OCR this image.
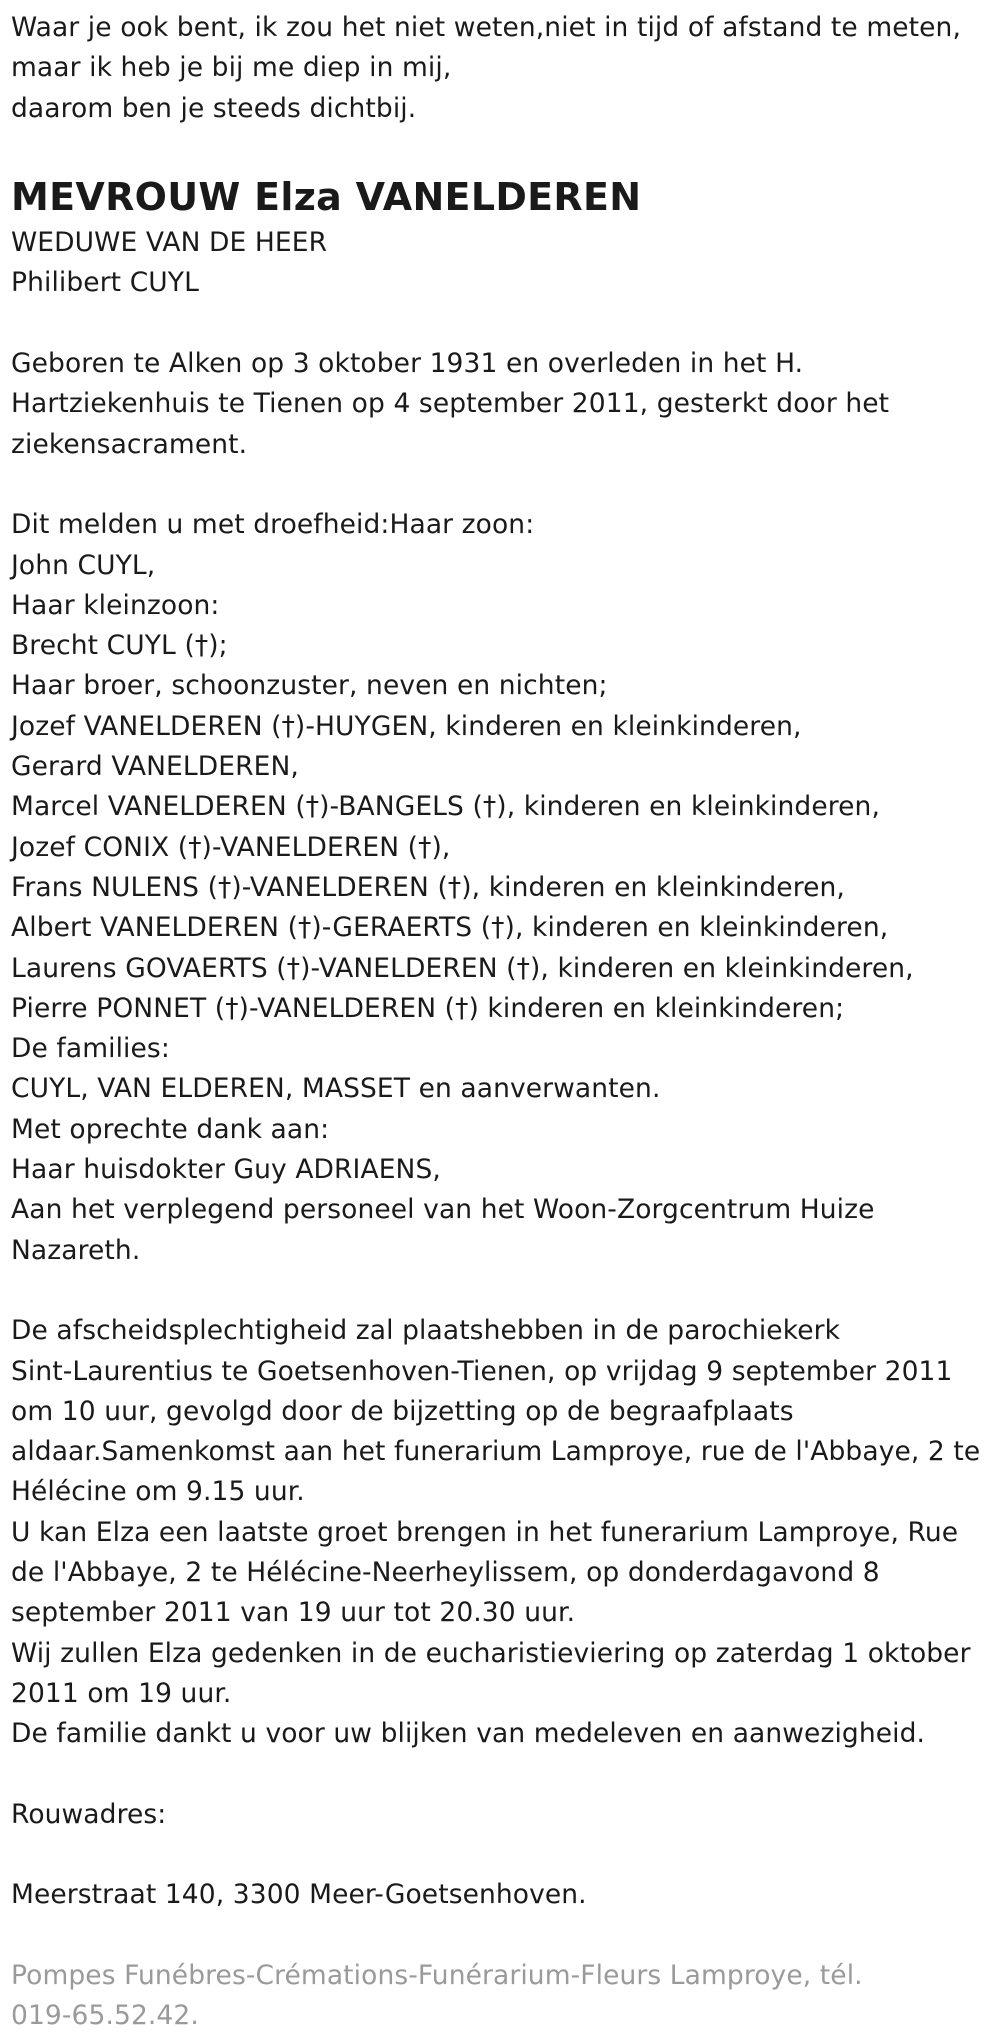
Waar je ook bent, ik zou het niet weten,niet in tijd of afstand te meten,
maar ik heb je bij me diep in mij,
daarom ben je steeds dichtbij.
MEVROUW Elza VANELDEREN
WEDUWE VAN DE HEER
Philibert CUYL
Geboren te Alken op 3 oktober 1931 en overleden in het H.
Hartziekenhuis te Tienen op 4 september 2011, gesterkt door het
ziekensacrament.
Dit melden u met droefheid:Haar zoon:
John CUYL,
Haar kleinzoon:
Brecht CUYL (†);
Haar broer, schoonzuster, neven en nichten;
Jozef VANELDEREN (†)-HUYGEN, kinderen en kleinkinderen,
Gerard VANELDEREN,
Marcel VANELDEREN (†)-BANGELS (†), kinderen en kleinkinderen,
Jozef CONIX (†)-VANELDEREN (†),
Frans NULENS (†)-VANELDEREN (†), kinderen en kleinkinderen,
Albert VANELDEREN (†)-GERAERTS (†), kinderen en kleinkinderen,
Laurens GOVAERTS (†)-VANELDEREN (†), kinderen en kleinkinderen,
Pierre PONNET (†)-VANELDEREN (†) kinderen en kleinkinderen;
De families:
CUYL, VAN ELDEREN, MASSET en aanverwanten.
Met oprechte dank aan:
Haar huisdokter Guy ADRIAENS,
Aan het verplegend personeel van het Woon-Zorgcentrum Huize
Nazareth.
De afscheidsplechtigheid zal plaatshebben in de parochiekerk
Sint-Laurentius te Goetsenhoven-Tienen, op vrijdag 9 september 2011
om 10 uur, gevolgd door de bijzetting op de begraafplaats
aldaar.Samenkomst aan het funerarium Lamproye, rue de l'Abbaye, 2 te
Hélécine om 9.15 uur.
U kan Elza een laatste groet brengen in het funerarium Lamproye, Rue
de l'Abbaye, 2 te Hélécine-Neerheylissem, op donderdagavond 8
september 2011 van 19 uur tot 20.30 uur.
Wij zullen Elza gedenken in de eucharistieviering op zaterdag 1 oktober
2011 om 19 uur.
De familie dankt u voor uw blijken van medeleven en aanwezigheid.
Rouwadres:
Meerstraat 140, 3300 Meer-Goetsenhoven.
Pompes Funébres-Crémations-Funérarium-Fleurs Lamproye, tél.
019-65.52.42.
